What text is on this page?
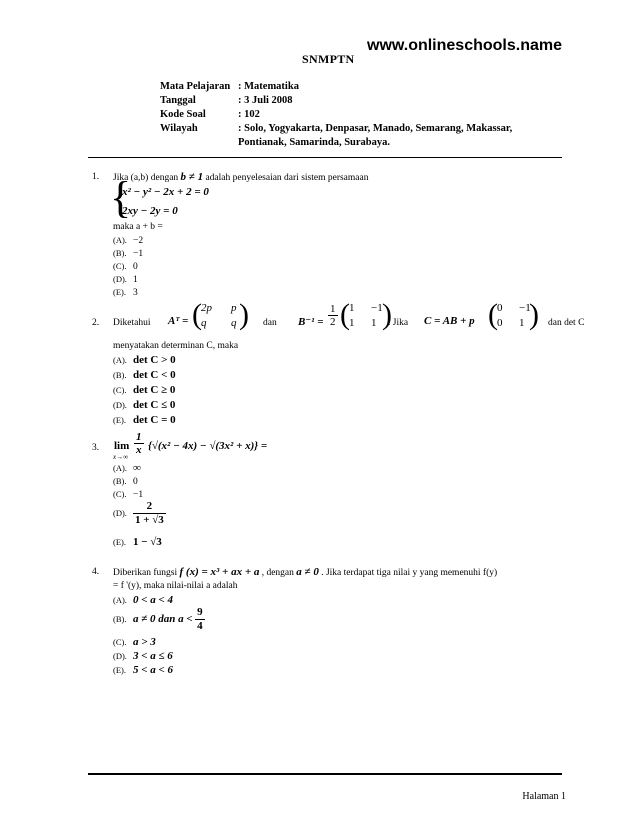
www.onlineschools.name
SNMPTN
Mata Pelajaran	: Matematika
Tanggal	: 3 Juli 2008
Kode Soal	: 102
Wilayah	: Solo, Yogyakarta, Denpasar, Manado, Semarang, Makassar,
	Pontianak, Samarinda, Surabaya.
1. Jika (a,b) dengan b ≠ 1 adalah penyelesaian dari sistem persamaan
{
x² − y² − 2x + 2 = 0
2xy − 2y = 0
maka a + b =
(A). −2
(B). −1
(C). 0
(D). 1
(E). 3
2. Diketahui Aᵀ = ( 2p p
q q ) dan $B^{-1} = \frac{1}{2}$ ( 1 −1
1 1 )
. Jika C = AB + p ( 0 −1
0 1 ) dan det C
menyatakan determinan C, maka
(A). det C > 0
(B). det C < 0
(C). det C ≥ 0
(D). det C ≤ 0
(E). det C = 0
3. lim
x→∞
$\frac{1}{x} \{√(x^2 - 4x) - √(3x^2 + x)\}$ =
(A). ∞
(B). 0
(C). −1
(D). $\frac{2}{1 + √3}$
(E). 1 − √3
4. Diberikan fungsi f (x) = x³ + ax + a , dengan a ≠ 0 . Jika terdapat tiga nilai y yang memenuhi f(y)
= f '(y), maka nilai-nilai a adalah
(A). 0 < a < 4
(B). a ≠ 0 dan $a < \frac{9}{4}$
(C). a > 3
(D). 3 < a ≤ 6
(E). 5 < a < 6
Halaman 1
